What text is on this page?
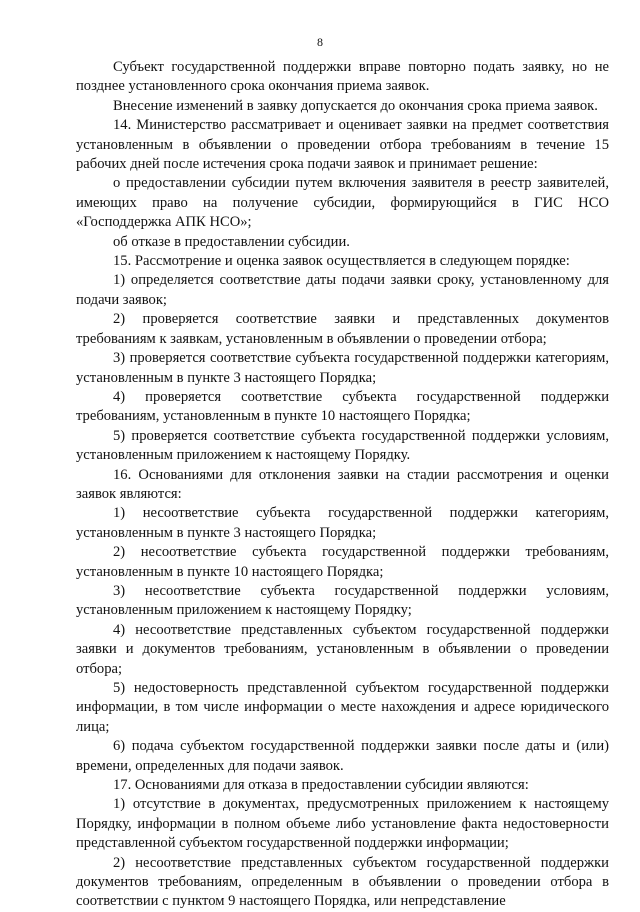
8

Субъект государственной поддержки вправе повторно подать заявку, но не позднее установленного срока окончания приема заявок.

Внесение изменений в заявку допускается до окончания срока приема заявок.

14. Министерство рассматривает и оценивает заявки на предмет соответствия установленным в объявлении о проведении отбора требованиям в течение 15 рабочих дней после истечения срока подачи заявок и принимает решение:

о предоставлении субсидии путем включения заявителя в реестр заявителей, имеющих право на получение субсидии, формирующийся в ГИС НСО «Господдержка АПК НСО»;

об отказе в предоставлении субсидии.

15. Рассмотрение и оценка заявок осуществляется в следующем порядке:

1) определяется соответствие даты подачи заявки сроку, установленному для подачи заявок;

2) проверяется соответствие заявки и представленных документов требованиям к заявкам, установленным в объявлении о проведении отбора;

3) проверяется соответствие субъекта государственной поддержки категориям, установленным в пункте 3 настоящего Порядка;

4) проверяется соответствие субъекта государственной поддержки требованиям, установленным в пункте 10 настоящего Порядка;

5) проверяется соответствие субъекта государственной поддержки условиям, установленным приложением к настоящему Порядку.

16. Основаниями для отклонения заявки на стадии рассмотрения и оценки заявок являются:

1) несоответствие субъекта государственной поддержки категориям, установленным в пункте 3 настоящего Порядка;

2) несоответствие субъекта государственной поддержки требованиям, установленным в пункте 10 настоящего Порядка;

3) несоответствие субъекта государственной поддержки условиям, установленным приложением к настоящему Порядку;

4) несоответствие представленных субъектом государственной поддержки заявки и документов требованиям, установленным в объявлении о проведении отбора;

5) недостоверность представленной субъектом государственной поддержки информации, в том числе информации о месте нахождения и адресе юридического лица;

6) подача субъектом государственной поддержки заявки после даты и (или) времени, определенных для подачи заявок.

17. Основаниями для отказа в предоставлении субсидии являются:

1) отсутствие в документах, предусмотренных приложением к настоящему Порядку, информации в полном объеме либо установление факта недостоверности представленной субъектом государственной поддержки информации;

2) несоответствие представленных субъектом государственной поддержки документов требованиям, определенным в объявлении о проведении отбора в соответствии с пунктом 9 настоящего Порядка, или непредставление
